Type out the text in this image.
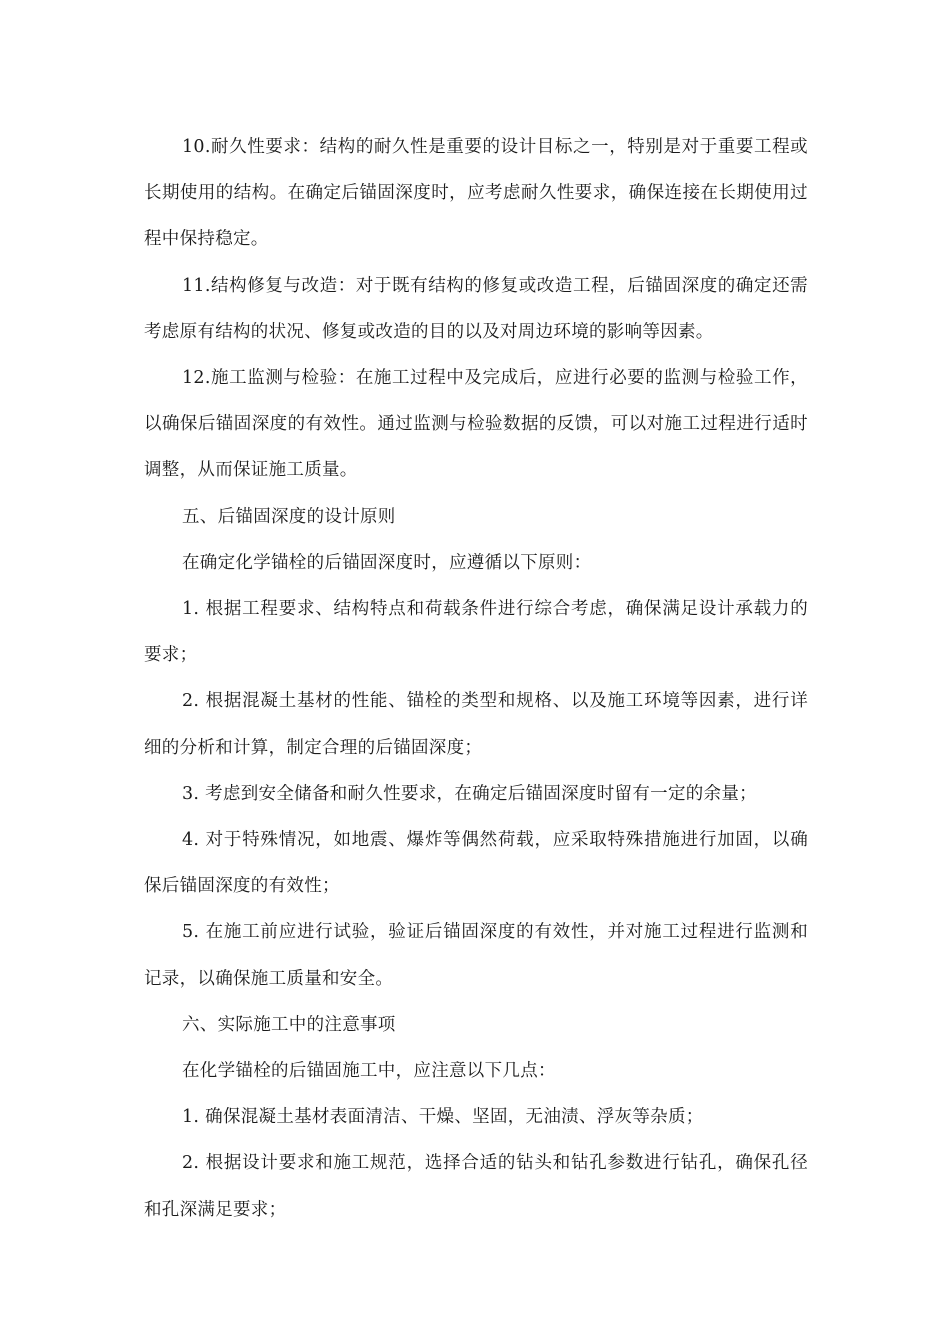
10.耐久性要求：结构的耐久性是重要的设计目标之一，特别是对于重要工程或长期使用的结构。在确定后锚固深度时，应考虑耐久性要求，确保连接在长期使用过程中保持稳定。

11.结构修复与改造：对于既有结构的修复或改造工程，后锚固深度的确定还需考虑原有结构的状况、修复或改造的目的以及对周边环境的影响等因素。

12.施工监测与检验：在施工过程中及完成后，应进行必要的监测与检验工作，以确保后锚固深度的有效性。通过监测与检验数据的反馈，可以对施工过程进行适时调整，从而保证施工质量。

五、后锚固深度的设计原则

在确定化学锚栓的后锚固深度时，应遵循以下原则：

1. 根据工程要求、结构特点和荷载条件进行综合考虑，确保满足设计承载力的要求；

2. 根据混凝土基材的性能、锚栓的类型和规格、以及施工环境等因素，进行详细的分析和计算，制定合理的后锚固深度；

3. 考虑到安全储备和耐久性要求，在确定后锚固深度时留有一定的余量；

4. 对于特殊情况，如地震、爆炸等偶然荷载，应采取特殊措施进行加固，以确保后锚固深度的有效性；

5. 在施工前应进行试验，验证后锚固深度的有效性，并对施工过程进行监测和记录，以确保施工质量和安全。

六、实际施工中的注意事项

在化学锚栓的后锚固施工中，应注意以下几点：

1. 确保混凝土基材表面清洁、干燥、坚固，无油渍、浮灰等杂质；

2. 根据设计要求和施工规范，选择合适的钻头和钻孔参数进行钻孔，确保孔径和孔深满足要求；
